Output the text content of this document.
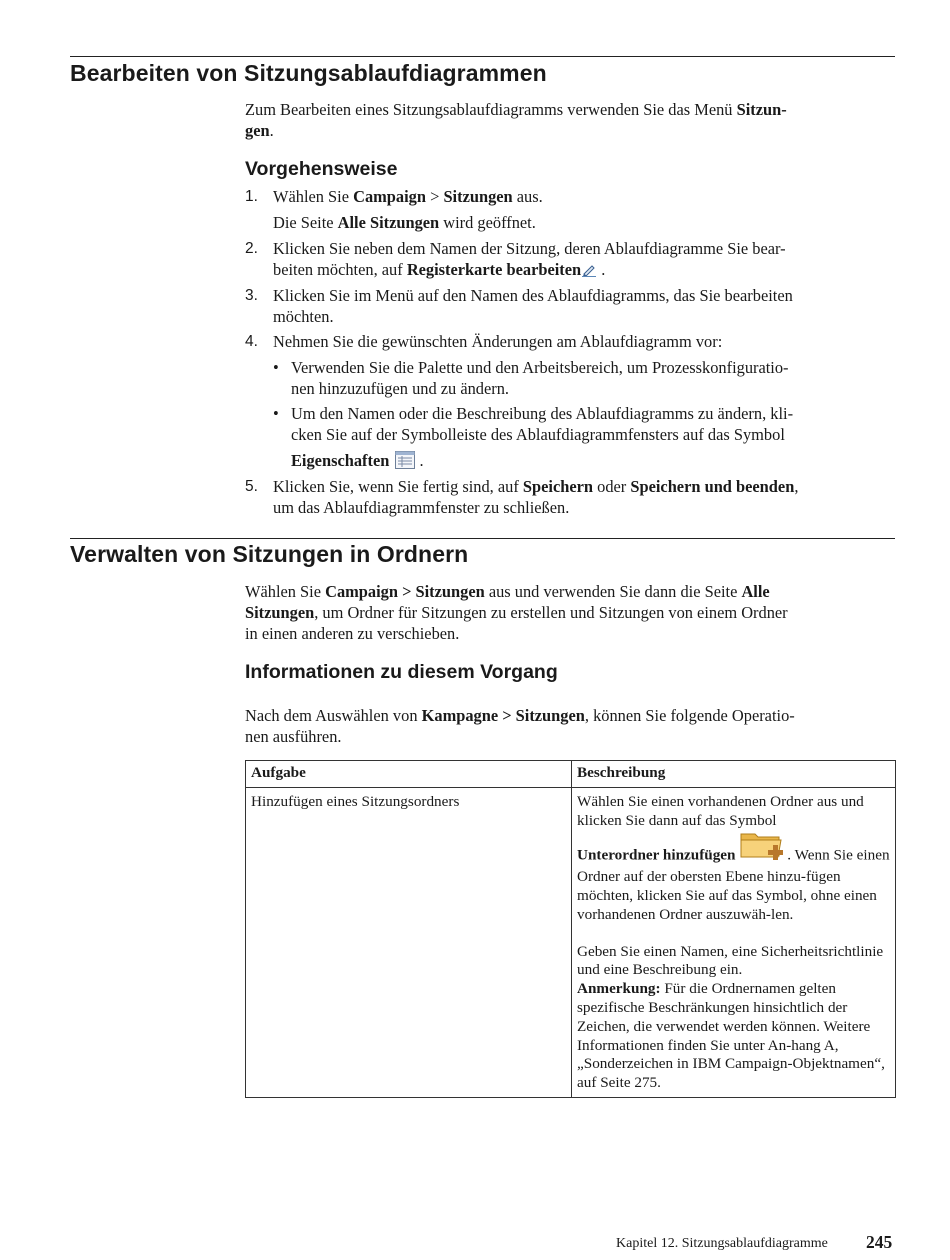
Bearbeiten von Sitzungsablaufdiagrammen

Zum Bearbeiten eines Sitzungsablaufdiagramms verwenden Sie das Menü Sitzun-
gen.

Vorgehensweise
1. Wählen Sie Campaign > Sitzungen aus.
Die Seite Alle Sitzungen wird geöffnet.
2. Klicken Sie neben dem Namen der Sitzung, deren Ablaufdiagramme Sie bear-
beiten möchten, auf Registerkarte bearbeiten .
3. Klicken Sie im Menü auf den Namen des Ablaufdiagramms, das Sie bearbeiten
möchten.
4. Nehmen Sie die gewünschten Änderungen am Ablaufdiagramm vor:
• Verwenden Sie die Palette und den Arbeitsbereich, um Prozesskonfiguratio-
nen hinzuzufügen und zu ändern.
• Um den Namen oder die Beschreibung des Ablaufdiagramms zu ändern, kli-
cken Sie auf der Symbolleiste des Ablaufdiagrammfensters auf das Symbol
Eigenschaften .
5. Klicken Sie, wenn Sie fertig sind, auf Speichern oder Speichern und beenden,
um das Ablaufdiagrammfenster zu schließen.
Verwalten von Sitzungen in Ordnern

Wählen Sie Campaign > Sitzungen aus und verwenden Sie dann die Seite Alle
Sitzungen, um Ordner für Sitzungen zu erstellen und Sitzungen von einem Ordner
in einen anderen zu verschieben.

Informationen zu diesem Vorgang

Nach dem Auswählen von Kampagne > Sitzungen, können Sie folgende Operatio-
nen ausführen.

Aufgabe	Beschreibung
Hinzufügen eines Sitzungsordners	Wählen Sie einen vorhandenen Ordner aus und klicken Sie dann auf das Symbol

Unterordner hinzufügen . Wenn Sie einen Ordner auf der obersten Ebene hinzu-fügen möchten, klicken Sie auf das Symbol, ohne einen vorhandenen Ordner auszuwäh-len.

Geben Sie einen Namen, eine Sicherheitsrichtlinie und eine Beschreibung ein.

Anmerkung: Für die Ordnernamen gelten spezifische Beschränkungen hinsichtlich der Zeichen, die verwendet werden können. Weitere Informationen finden Sie unter An-hang A, „Sonderzeichen in IBM Campaign-Objektnamen“, auf Seite 275.

Kapitel 12. Sitzungsablaufdiagramme 245
